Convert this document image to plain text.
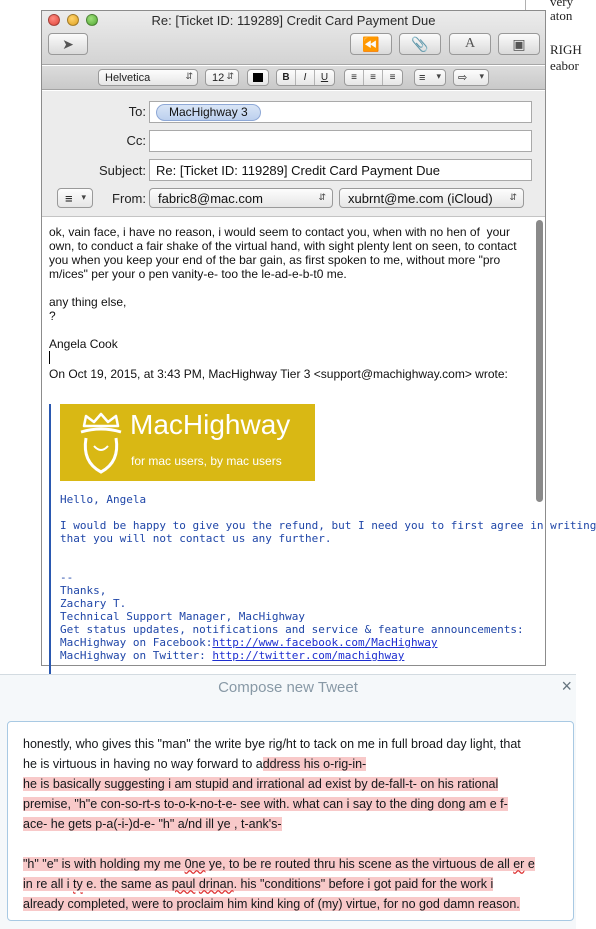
very
aton
RIGH
eabor
Re: [Ticket ID: 119289] Credit Card Payment Due
➤	⏪ 📎	A	▣
Helvetica	⇵ 12 ⇵	B	I	U	≡	≡	≡	≡ ▾ ⇨ ▾
To:	MacHighway 3
Cc:
Subject: Re: [Ticket ID: 119289] Credit Card Payment Due
≡ ▾	From: fabric8@mac.com	⇵ xubrnt@me.com (iCloud) ⇵

ok, vain face, i have no reason, i would seem to contact you, when with no hen of  your

own, to conduct a fair shake of the virtual hand, with sight plenty lent on seen, to contact

you when you keep your end of the bar gain, as first spoken to me, without more "pro

m/ices" per your o pen vanity-e- too the le-ad-e-b-t0 me.

any thing else,

?

Angela Cook

On Oct 19, 2015, at 3:43 PM, MacHighway Tier 3 <support@machighway.com> wrote:

MacHighway
for mac users, by mac users
Hello, Angela
I would be happy to give you the refund, but I need you to first agree in writing
that you will not contact us any further.
--
Thanks,
Zachary T.
Technical Support Manager, MacHighway
Get status updates, notifications and service & feature announcements:
MacHighway on Facebook:http://www.facebook.com/MacHighway
MacHighway on Twitter: http://twitter.com/machighway
Compose new Tweet	×
honestly, who gives this "man" the write bye rig/ht to tack on me in full broad day light, that
he is virtuous in having no way forward to address his o-rig-in-
he is basically suggesting i am stupid and irrational ad exist by de-fall-t- on his rational
premise, "h"e con-so-rt-s to-o-k-no-t-e- see with. what can i say to the ding dong am e f-
ace- he gets p-a(-i-)d-e- "h" a/nd ill ye , t-ank's-

"h" "e" is with holding my me 0ne ye, to be re routed thru his scene as the virtuous de all er e
in re all i ty e. the same as paul drinan. his "conditions" before i got paid for the work i
already completed, were to proclaim him kind king of (my) virtue, for no god damn reason.
